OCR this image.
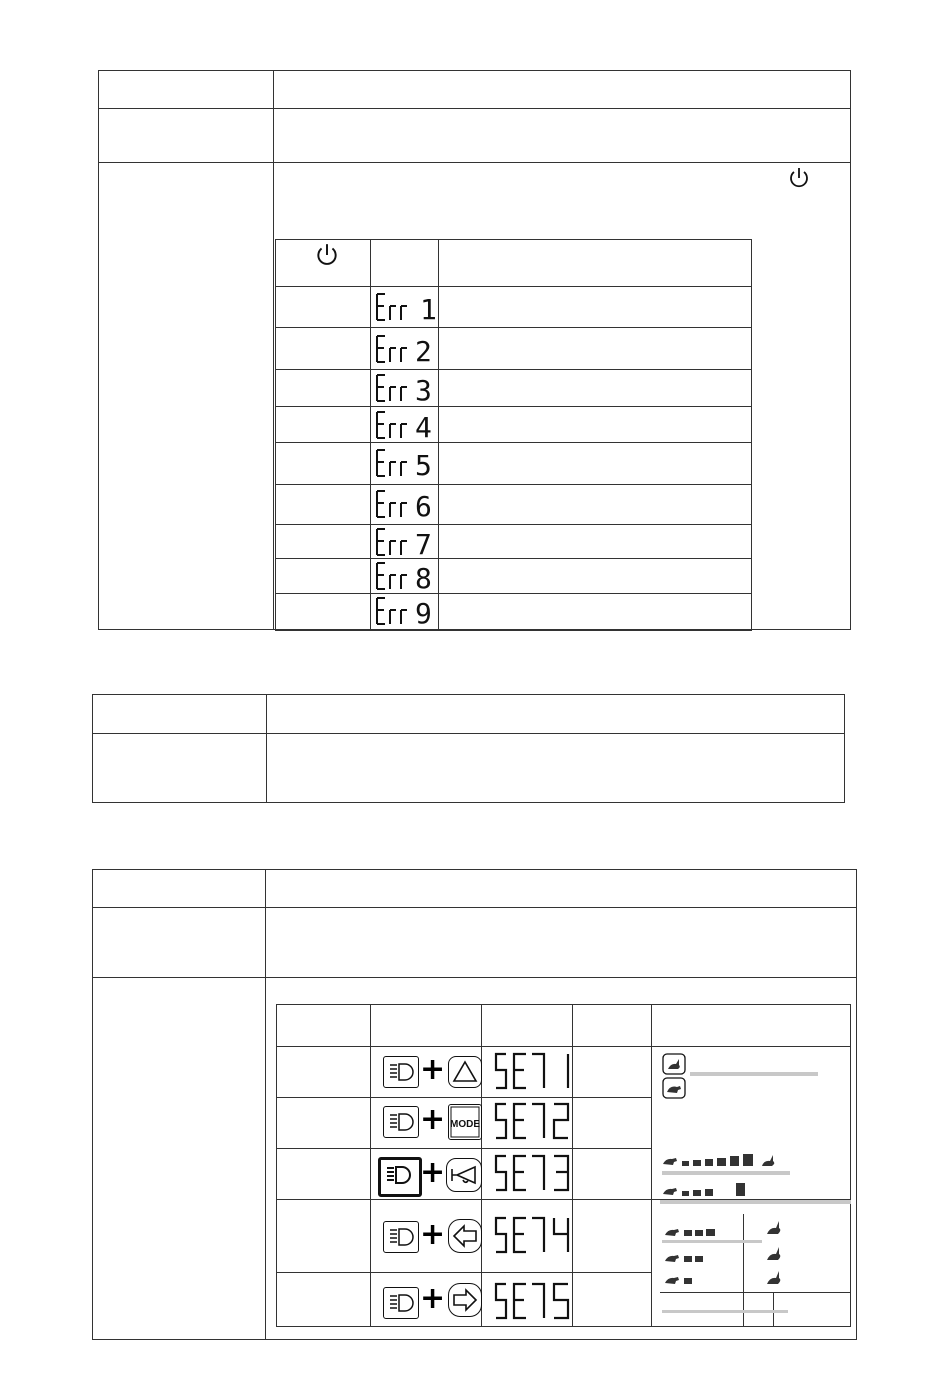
1
2
3
4
5
6
7
8
9
+
+ MODE
+
+
+
